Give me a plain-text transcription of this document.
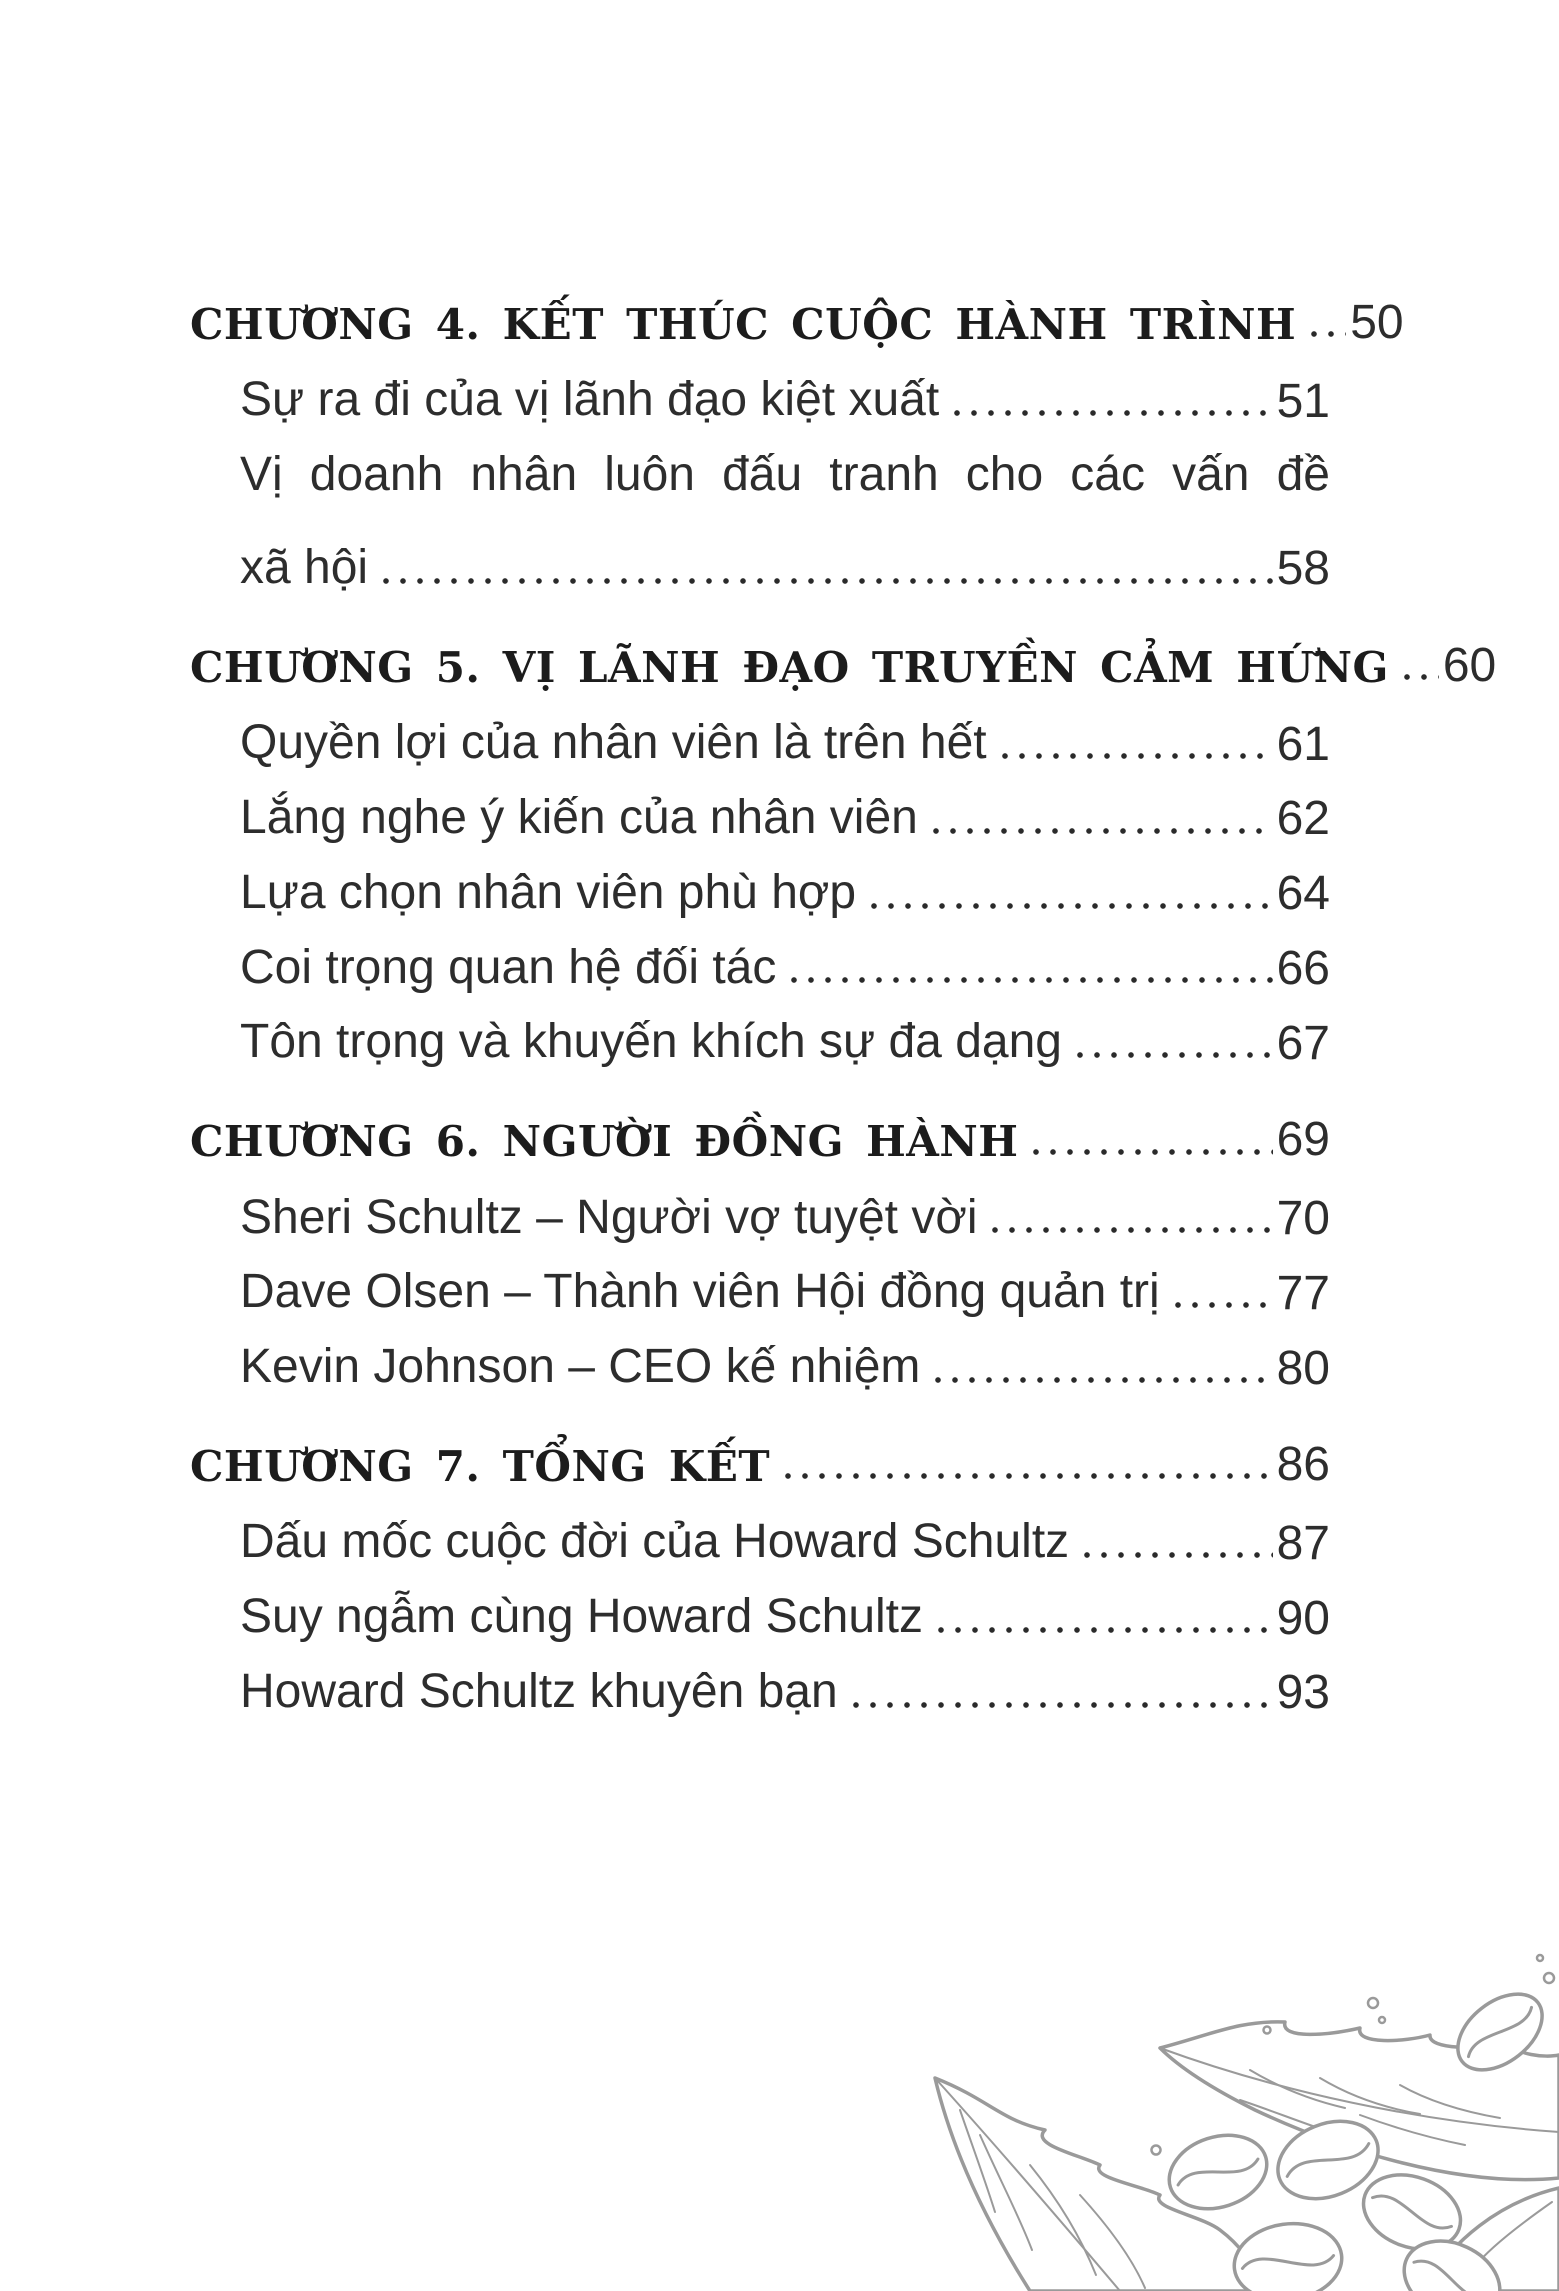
CHƯƠNG 4. KẾT THÚC CUỘC HÀNH TRÌNH 50
Sự ra đi của vị lãnh đạo kiệt xuất	51
Vị doanh nhân luôn đấu tranh cho các vấn đề
xã hội	58
CHƯƠNG 5. VỊ LÃNH ĐẠO TRUYỀN CẢM HỨNG 60
Quyền lợi của nhân viên là trên hết	61
Lắng nghe ý kiến của nhân viên	62
Lựa chọn nhân viên phù hợp	64
Coi trọng quan hệ đối tác	66
Tôn trọng và khuyến khích sự đa dạng	67
CHƯƠNG 6. NGƯỜI ĐỒNG HÀNH	69
Sheri Schultz – Người vợ tuyệt vời	70
Dave Olsen – Thành viên Hội đồng quản trị 77
Kevin Johnson – CEO kế nhiệm	80
CHƯƠNG 7. TỔNG KẾT	86
Dấu mốc cuộc đời của Howard Schultz	87
Suy ngẫm cùng Howard Schultz	90
Howard Schultz khuyên bạn	93
